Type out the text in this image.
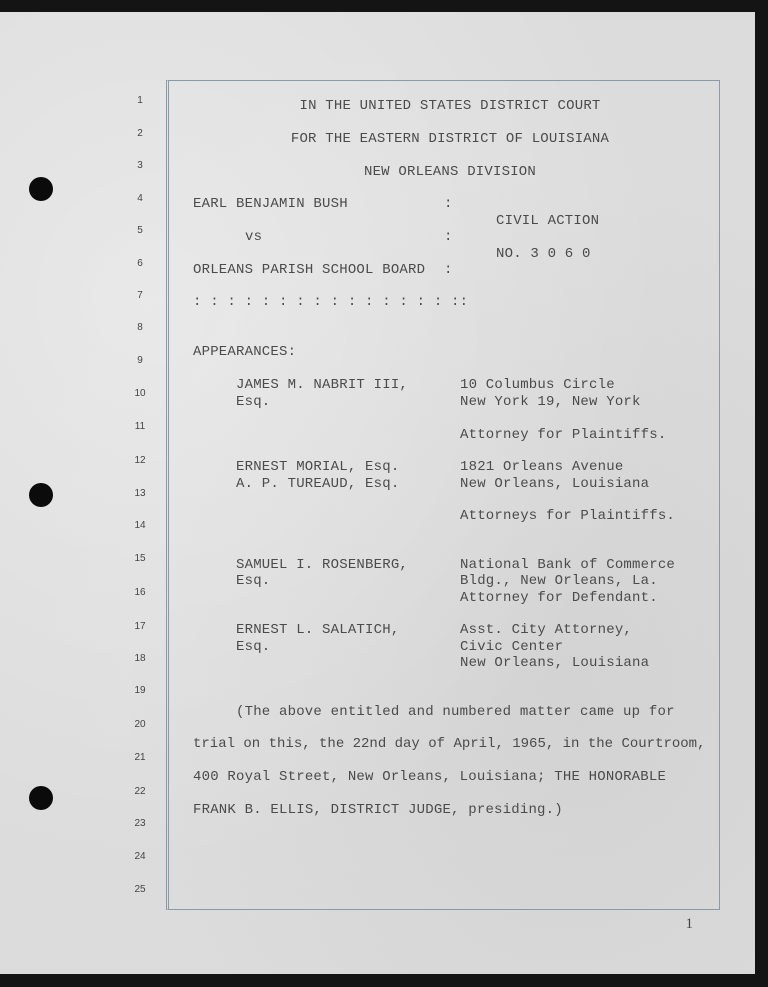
1
2
3
4
5
6
7
8
9
10
11
12
13
14
15
16
17
18
19
20
21
22
23
24
25
IN THE UNITED STATES DISTRICT COURT
FOR THE EASTERN DISTRICT OF LOUISIANA
NEW ORLEANS DIVISION
EARL BENJAMIN BUSH	:
vs	:
ORLEANS PARISH SCHOOL BOARD :
: : : : : : : : : : : : : : : ::
CIVIL ACTION
NO. 3 0 6 0
APPEARANCES:
JAMES M. NABRIT III,
Esq.
10 Columbus Circle
New York 19, New York
Attorney for Plaintiffs.
ERNEST MORIAL, Esq.
A. P. TUREAUD, Esq.
1821 Orleans Avenue
New Orleans, Louisiana
Attorneys for Plaintiffs.
SAMUEL I. ROSENBERG,
Esq.
National Bank of Commerce
Bldg., New Orleans, La.
Attorney for Defendant.
ERNEST L. SALATICH,
Esq.
Asst. City Attorney,
Civic Center
New Orleans, Louisiana
(The above entitled and numbered matter came up for
trial on this, the 22nd day of April, 1965, in the Courtroom,
400 Royal Street, New Orleans, Louisiana; THE HONORABLE
FRANK B. ELLIS, DISTRICT JUDGE, presiding.)
1
